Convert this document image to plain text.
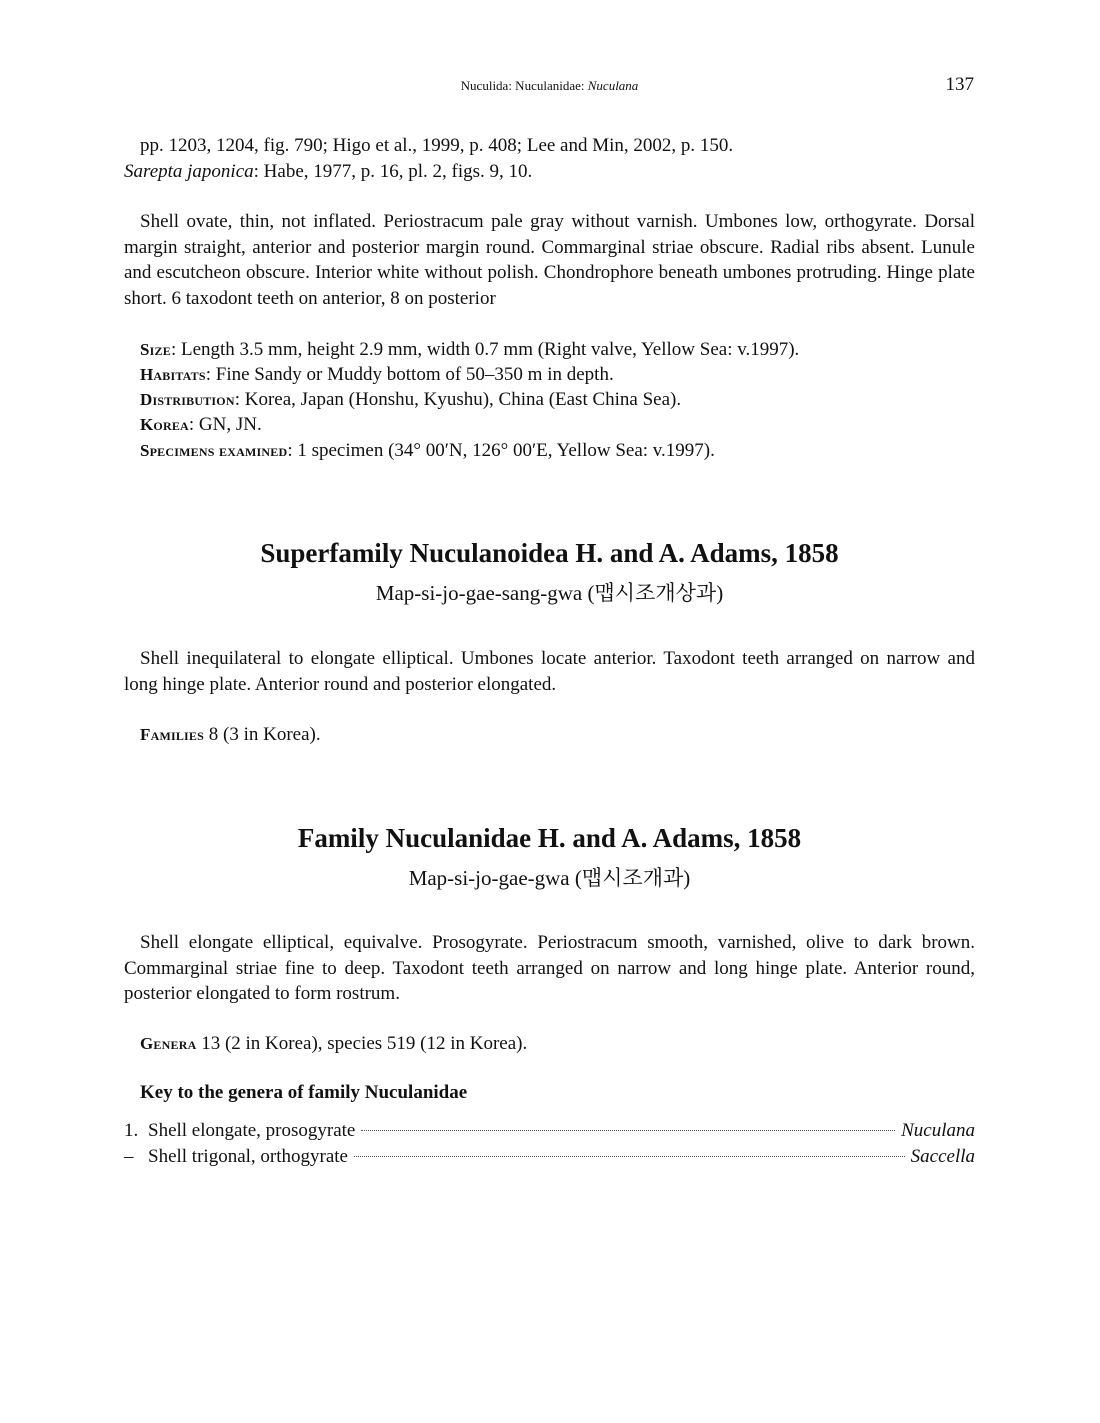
Nuculida: Nuculanidae: Nuculana	137
pp. 1203, 1204, fig. 790; Higo et al., 1999, p. 408; Lee and Min, 2002, p. 150.
Sarepta japonica: Habe, 1977, p. 16, pl. 2, figs. 9, 10.
Shell ovate, thin, not inflated. Periostracum pale gray without varnish. Umbones low, orthogyrate. Dorsal margin straight, anterior and posterior margin round. Commarginal striae obscure. Radial ribs absent. Lunule and escutcheon obscure. Interior white without polish. Chondrophore beneath umbones protruding. Hinge plate short. 6 taxodont teeth on anterior, 8 on posterior
Size: Length 3.5 mm, height 2.9 mm, width 0.7 mm (Right valve, Yellow Sea: v.1997).
Habitats: Fine Sandy or Muddy bottom of 50–350 m in depth.
Distribution: Korea, Japan (Honshu, Kyushu), China (East China Sea).
Korea: GN, JN.
Specimens examined: 1 specimen (34° 00′N, 126° 00′E, Yellow Sea: v.1997).
Superfamily Nuculanoidea H. and A. Adams, 1858
Map-si-jo-gae-sang-gwa (맵시조개상과)
Shell inequilateral to elongate elliptical. Umbones locate anterior. Taxodont teeth arranged on narrow and long hinge plate. Anterior round and posterior elongated.
Families 8 (3 in Korea).
Family Nuculanidae H. and A. Adams, 1858
Map-si-jo-gae-gwa (맵시조개과)
Shell elongate elliptical, equivalve. Prosogyrate. Periostracum smooth, varnished, olive to dark brown. Commarginal striae fine to deep. Taxodont teeth arranged on narrow and long hinge plate. Anterior round, posterior elongated to form rostrum.
Genera 13 (2 in Korea), species 519 (12 in Korea).
Key to the genera of family Nuculanidae
1. Shell elongate, prosogyrate	Nuculana
– Shell trigonal, orthogyrate	Saccella
